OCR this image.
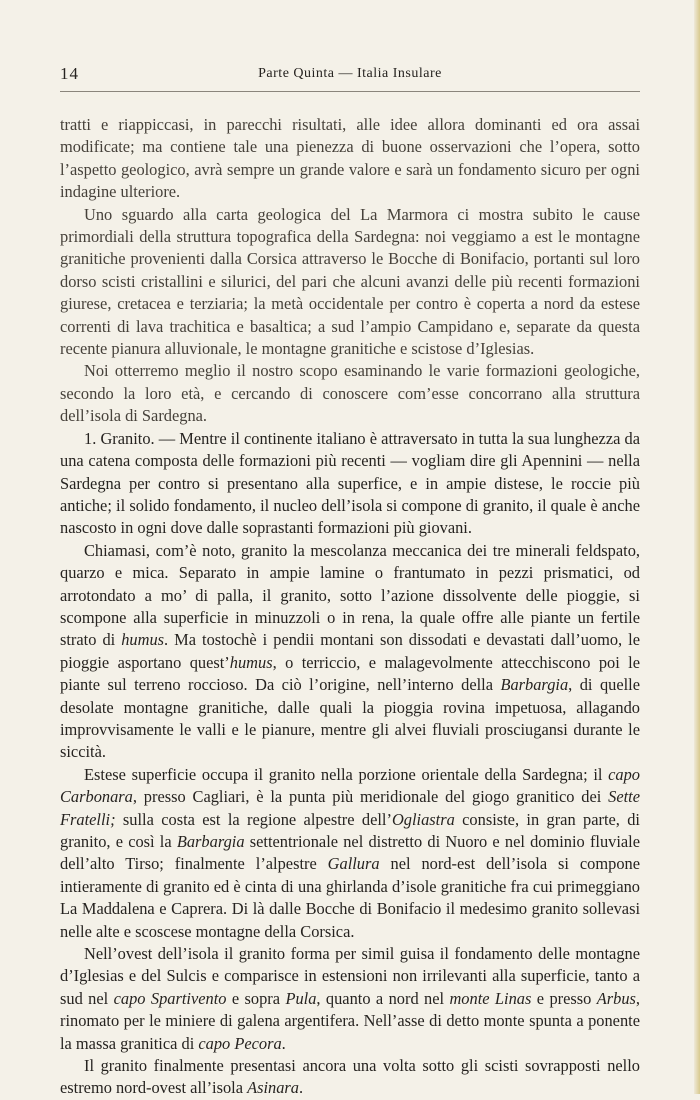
14	Parte Quinta — Italia Insulare

tratti e riappiccasi, in parecchi risultati, alle idee allora dominanti ed ora assai modificate; ma contiene tale una pienezza di buone osservazioni che l’opera, sotto l’aspetto geologico, avrà sempre un grande valore e sarà un fondamento sicuro per ogni indagine ulteriore.

Uno sguardo alla carta geologica del La Marmora ci mostra subito le cause primordiali della struttura topografica della Sardegna: noi veggiamo a est le montagne granitiche provenienti dalla Corsica attraverso le Bocche di Bonifacio, portanti sul loro dorso scisti cristallini e silurici, del pari che alcuni avanzi delle più recenti formazioni giurese, cretacea e terziaria; la metà occidentale per contro è coperta a nord da estese correnti di lava trachitica e basaltica; a sud l’ampio Campidano e, separate da questa recente pianura alluvionale, le montagne granitiche e scistose d’Iglesias.

Noi otterremo meglio il nostro scopo esaminando le varie formazioni geologiche, secondo la loro età, e cercando di conoscere com’esse concorrano alla struttura dell’isola di Sardegna.

1. Granito. — Mentre il continente italiano è attraversato in tutta la sua lunghezza da una catena composta delle formazioni più recenti — vogliam dire gli Apennini — nella Sardegna per contro si presentano alla superfice, e in ampie distese, le roccie più antiche; il solido fondamento, il nucleo dell’isola si compone di granito, il quale è anche nascosto in ogni dove dalle soprastanti formazioni più giovani.

Chiamasi, com’è noto, granito la mescolanza meccanica dei tre minerali feldspato, quarzo e mica. Separato in ampie lamine o frantumato in pezzi prismatici, od arrotondato a mo’ di palla, il granito, sotto l’azione dissolvente delle pioggie, si scompone alla superficie in minuzzoli o in rena, la quale offre alle piante un fertile strato di humus. Ma tostochè i pendii montani son dissodati e devastati dall’uomo, le pioggie asportano quest’humus, o terriccio, e malagevolmente attecchiscono poi le piante sul terreno roccioso. Da ciò l’origine, nell’interno della Barbargia, di quelle desolate montagne granitiche, dalle quali la pioggia rovina impetuosa, allagando improvvisamente le valli e le pianure, mentre gli alvei fluviali prosciugansi durante le siccità.

Estese superficie occupa il granito nella porzione orientale della Sardegna; il capo Carbonara, presso Cagliari, è la punta più meridionale del giogo granitico dei Sette Fratelli; sulla costa est la regione alpestre dell’Ogliastra consiste, in gran parte, di granito, e così la Barbargia settentrionale nel distretto di Nuoro e nel dominio fluviale dell’alto Tirso; finalmente l’alpestre Gallura nel nord-est dell’isola si compone intieramente di granito ed è cinta di una ghirlanda d’isole granitiche fra cui primeggiano La Maddalena e Caprera. Di là dalle Bocche di Bonifacio il medesimo granito sollevasi nelle alte e scoscese montagne della Corsica.

Nell’ovest dell’isola il granito forma per simil guisa il fondamento delle montagne d’Iglesias e del Sulcis e comparisce in estensioni non irrilevanti alla superficie, tanto a sud nel capo Spartivento e sopra Pula, quanto a nord nel monte Linas e presso Arbus, rinomato per le miniere di galena argentifera. Nell’asse di detto monte spunta a ponente la massa granitica di capo Pecora.

Il granito finalmente presentasi ancora una volta sotto gli scisti sovrapposti nello estremo nord-ovest all’isola Asinara.
